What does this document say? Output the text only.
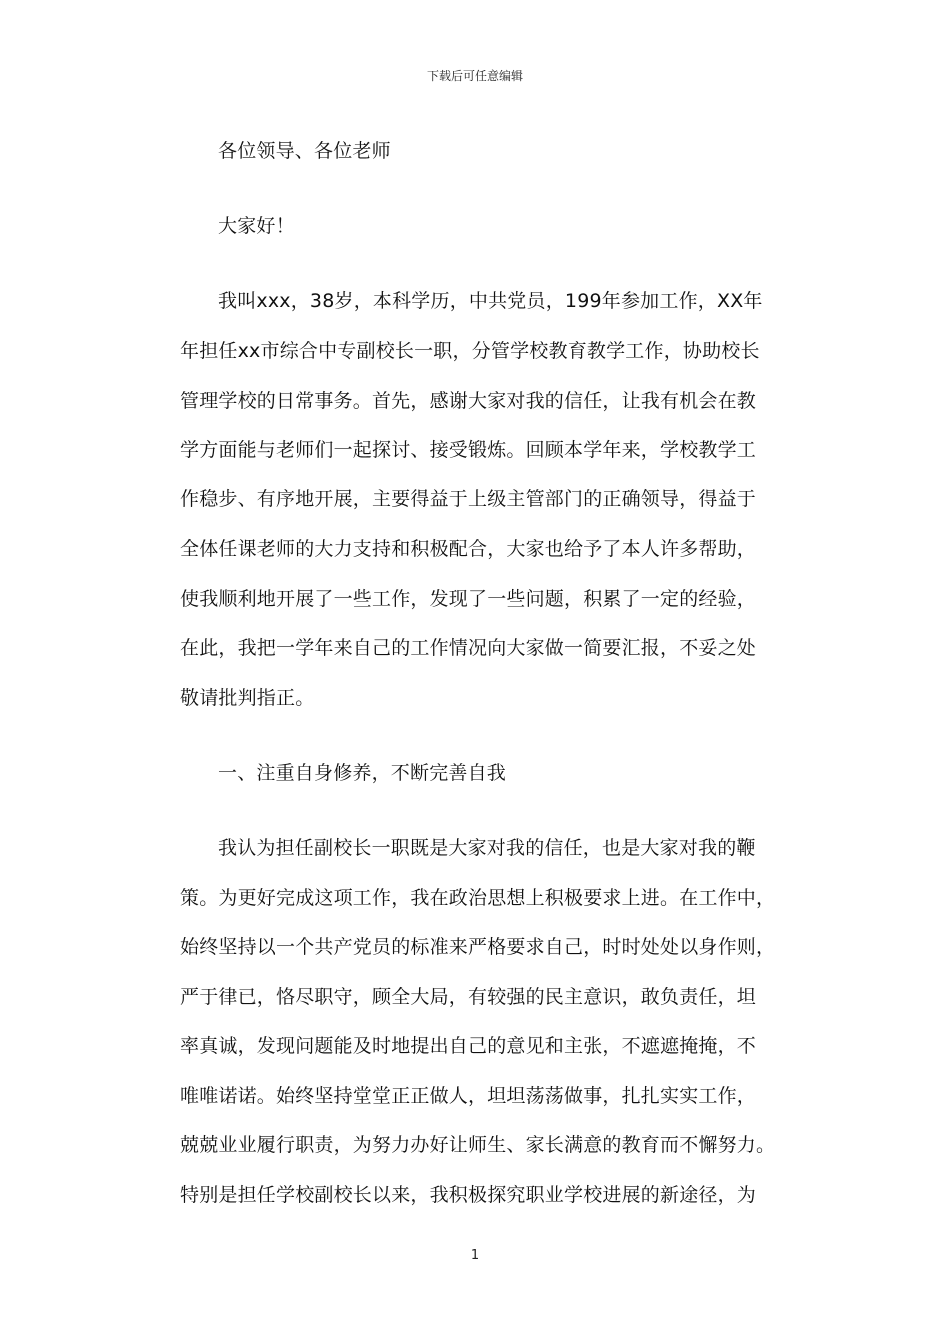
下载后可任意编辑
各位领导、各位老师
大家好！
我叫xxx，38岁，本科学历，中共党员，199年参加工作，XX年
年担任xx市综合中专副校长一职，分管学校教育教学工作，协助校长
管理学校的日常事务。首先，感谢大家对我的信任，让我有机会在教
学方面能与老师们一起探讨、接受锻炼。回顾本学年来，学校教学工
作稳步、有序地开展，主要得益于上级主管部门的正确领导，得益于
全体任课老师的大力支持和积极配合，大家也给予了本人许多帮助，
使我顺利地开展了一些工作，发现了一些问题，积累了一定的经验，
在此，我把一学年来自己的工作情况向大家做一简要汇报，不妥之处
敬请批判指正。
一、注重自身修养，不断完善自我
我认为担任副校长一职既是大家对我的信任，也是大家对我的鞭
策。为更好完成这项工作，我在政治思想上积极要求上进。在工作中，
始终坚持以一个共产党员的标准来严格要求自己，时时处处以身作则，
严于律已，恪尽职守，顾全大局，有较强的民主意识，敢负责任，坦
率真诚，发现问题能及时地提出自己的意见和主张，不遮遮掩掩，不
唯唯诺诺。始终坚持堂堂正正做人，坦坦荡荡做事，扎扎实实工作，
兢兢业业履行职责，为努力办好让师生、家长满意的教育而不懈努力。
特别是担任学校副校长以来，我积极探究职业学校进展的新途径，为
1
